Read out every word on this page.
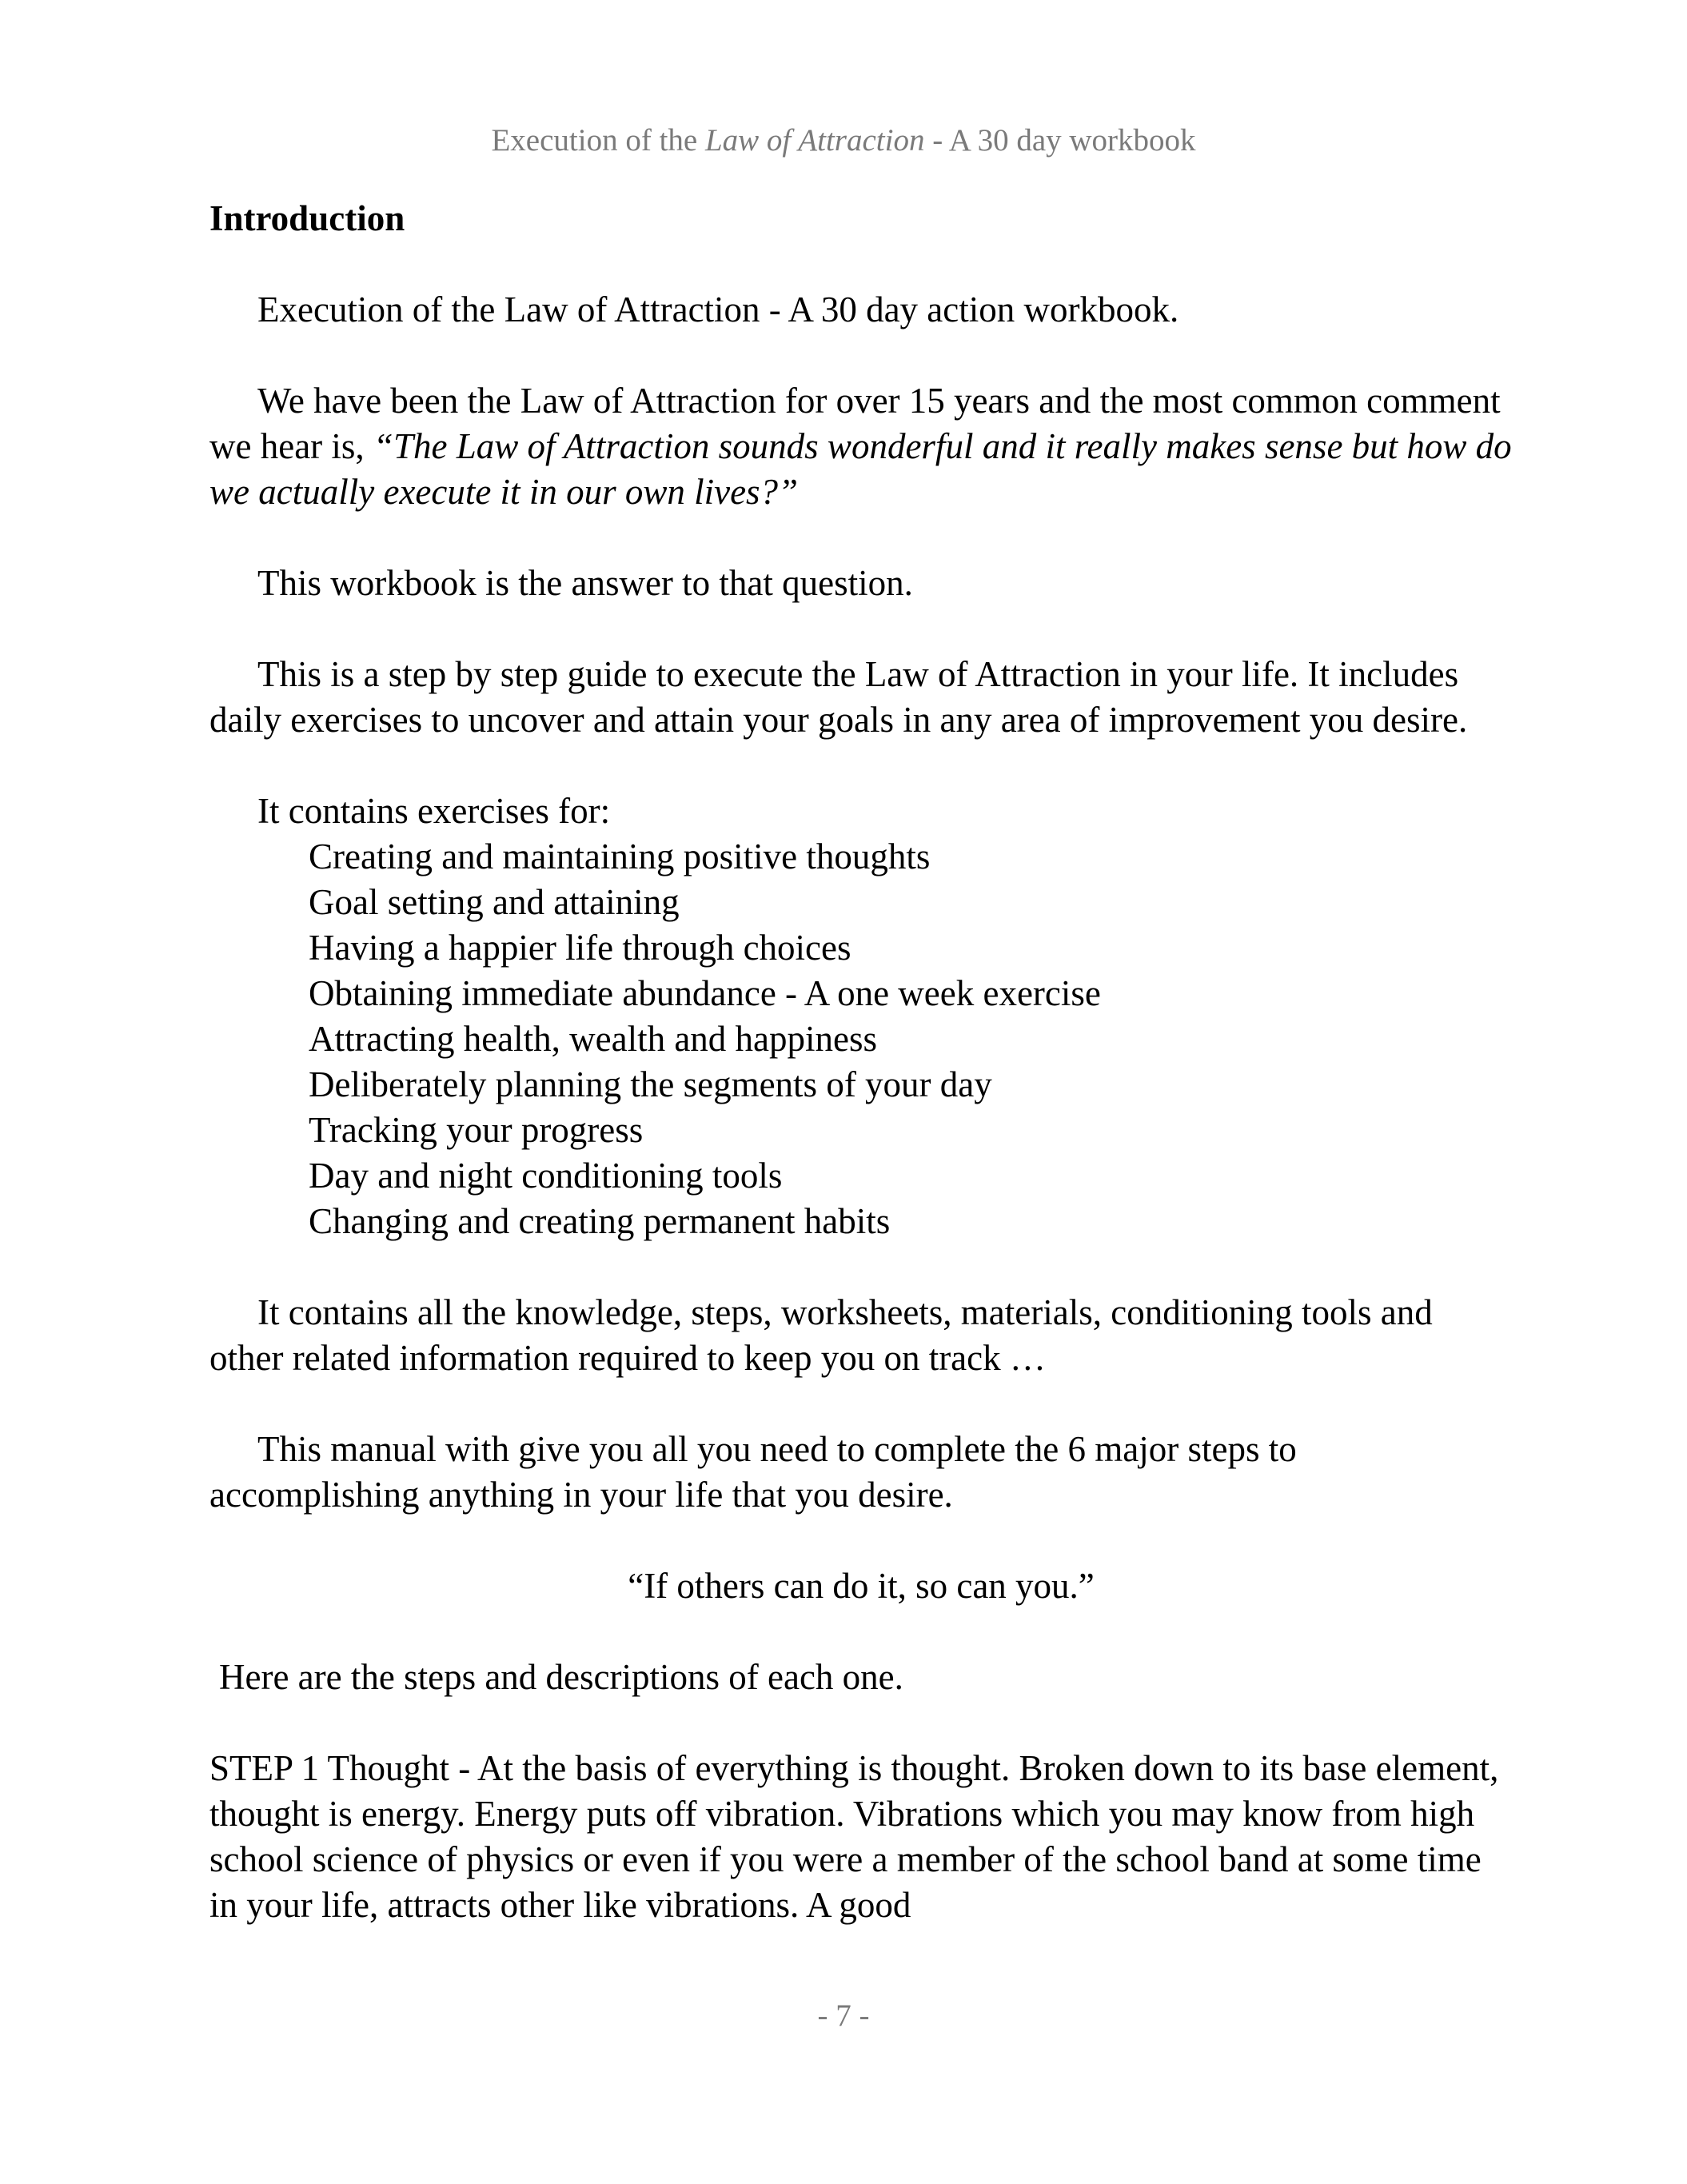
Execution of the Law of Attraction - A 30 day workbook

Introduction

Execution of the Law of Attraction - A 30 day action workbook.

We have been the Law of Attraction for over 15 years and the most common comment we hear is, “The Law of Attraction sounds wonderful and it really makes sense but how do we actually execute it in our own lives?”

This workbook is the answer to that question.

This is a step by step guide to execute the Law of Attraction in your life. It includes daily exercises to uncover and attain your goals in any area of improvement you desire.

It contains exercises for:

Creating and maintaining positive thoughts
Goal setting and attaining
Having a happier life through choices
Obtaining immediate abundance - A one week exercise
Attracting health, wealth and happiness
Deliberately planning the segments of your day
Tracking your progress
Day and night conditioning tools
Changing and creating permanent habits

It contains all the knowledge, steps, worksheets, materials, conditioning tools and other related information required to keep you on track …

This manual with give you all you need to complete the 6 major steps to accomplishing anything in your life that you desire.

“If others can do it, so can you.”

Here are the steps and descriptions of each one.

STEP 1 Thought - At the basis of everything is thought. Broken down to its base element, thought is energy. Energy puts off vibration. Vibrations which you may know from high school science of physics or even if you were a member of the school band at some time in your life, attracts other like vibrations. A good

- 7 -
